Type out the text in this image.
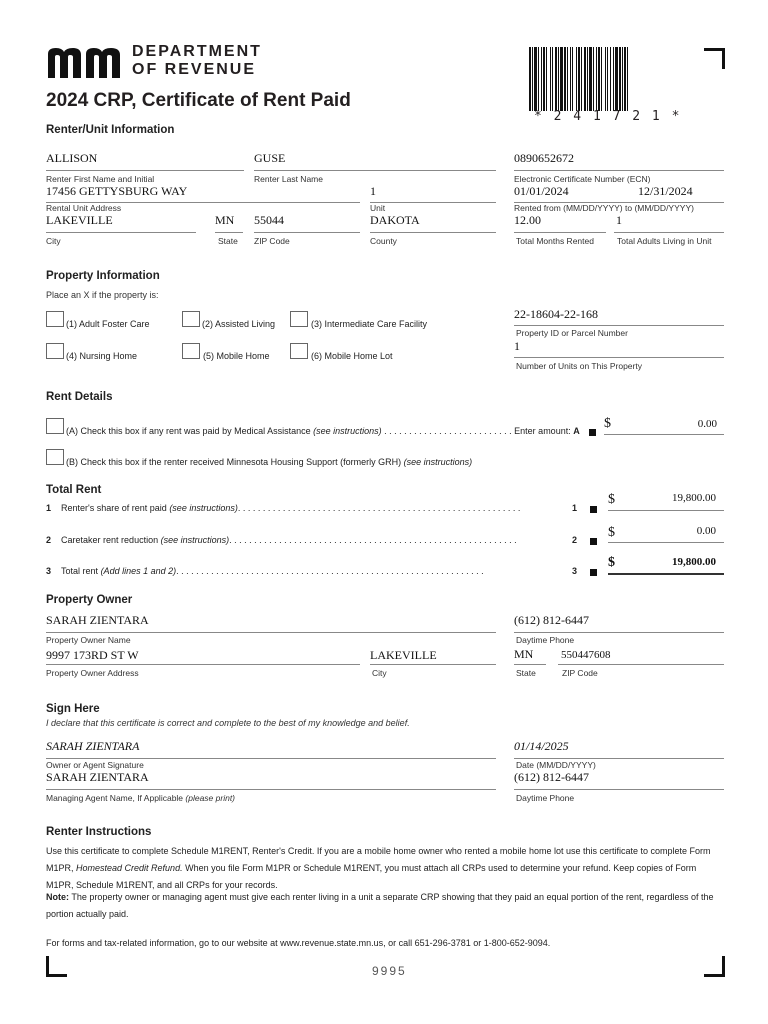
DEPARTMENT
OF REVENUE
2024 CRP, Certificate of Rent Paid
* 2 4 1 7 2 1 *
Renter/Unit Information
ALLISON
Renter First Name and Initial
GUSE
Renter Last Name
0890652672
Electronic Certificate Number (ECN)
17456 GETTYSBURG WAY
Rental Unit Address
1
Unit
01/01/2024	12/31/2024
Rented from (MM/DD/YYYY) to (MM/DD/YYYY)
LAKEVILLE
City
MN
State
55044
ZIP Code
DAKOTA
County
12.00
Total Months Rented
1
Total Adults Living in Unit
Property Information
Place an X if the property is:
(1) Adult Foster Care	(2) Assisted Living	(3) Intermediate Care Facility
(4) Nursing Home	(5) Mobile Home	(6) Mobile Home Lot
22-18604-22-168
Property ID or Parcel Number
1
Number of Units on This Property
Rent Details
(A) Check this box if any rent was paid by Medical Assistance (see instructions) . . . . . . . . . . . . . . . . . . . . . . . . . . Enter amount: A $	0.00
(B) Check this box if the renter received Minnesota Housing Support (formerly GRH) (see instructions)
Total Rent
1 Renter's share of rent paid (see instructions). . . . . . . . . . . . . . . . . . . . . . . . . . . . . . . . . . . . . . . . . . . . . . . . . . . . . . . . .	1
$	19,800.00
2 Caretaker rent reduction (see instructions). . . . . . . . . . . . . . . . . . . . . . . . . . . . . . . . . . . . . . . . . . . . . . . . . . . . . . . . . .	2 $	0.00
3 Total rent (Add lines 1 and 2). . . . . . . . . . . . . . . . . . . . . . . . . . . . . . . . . . . . . . . . . . . . . . . . . . . . . . . . . . . . . .	3
$	19,800.00
Property Owner
SARAH ZIENTARA
Property Owner Name
(612) 812-6447
Daytime Phone
9997 173RD ST W
Property Owner Address
LAKEVILLE
City
MN
State
550447608
ZIP Code
Sign Here
I declare that this certificate is correct and complete to the best of my knowledge and belief.
SARAH ZIENTARA
Owner or Agent Signature
01/14/2025
Date (MM/DD/YYYY)
SARAH ZIENTARA
Managing Agent Name, If Applicable (please print)
(612) 812-6447
Daytime Phone
Renter Instructions
Use this certificate to complete Schedule M1RENT, Renter's Credit. If you are a mobile home owner who rented a mobile home lot use this certificate to complete Form M1PR, Homestead Credit Refund. When you file Form M1PR or Schedule M1RENT, you must attach all CRPs used to determine your refund. Keep copies of Form M1PR, Schedule M1RENT, and all CRPs for your records.
Note: The property owner or managing agent must give each renter living in a unit a separate CRP showing that they paid an equal portion of the rent, regardless of the portion actually paid.
For forms and tax-related information, go to our website at www.revenue.state.mn.us, or call 651-296-3781 or 1-800-652-9094.
9995
